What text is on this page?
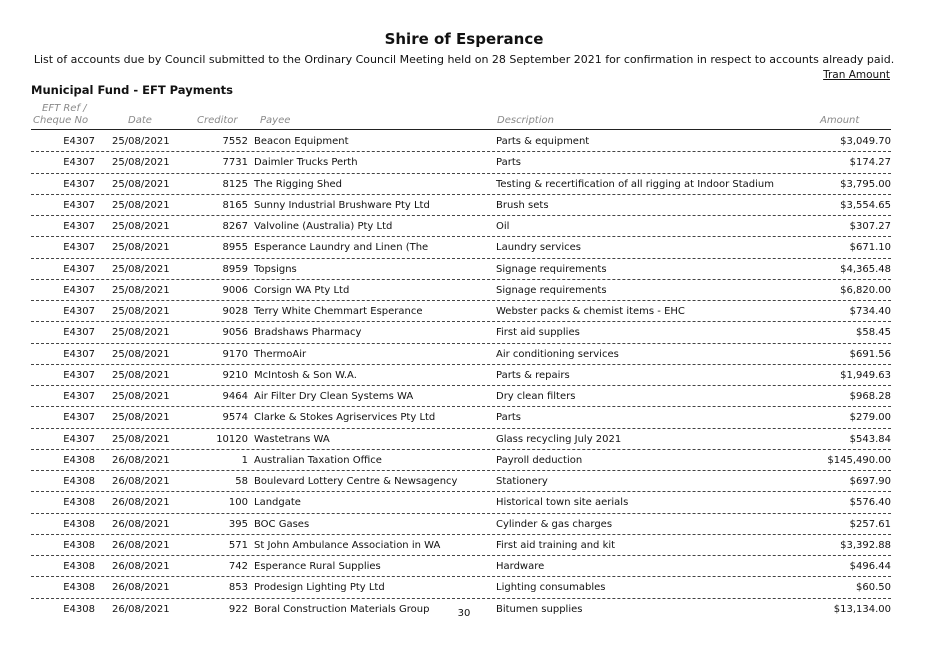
Shire of Esperance
List of accounts due by Council submitted to the Ordinary Council Meeting held on 28 September 2021 for confirmation in respect to accounts already paid.
Tran Amount
Municipal Fund - EFT Payments
EFT Ref /
Cheque No	Date	Creditor Payee	Description	Amount
E4307 25/08/2021	7552 Beacon Equipment	Parts & equipment	$3,049.70
E4307 25/08/2021	7731 Daimler Trucks Perth	Parts	$174.27
E4307 25/08/2021	8125 The Rigging Shed	Testing & recertification of all rigging at Indoor Stadium	$3,795.00
E4307 25/08/2021	8165 Sunny Industrial Brushware Pty Ltd	Brush sets	$3,554.65
E4307 25/08/2021	8267 Valvoline (Australia) Pty Ltd	Oil	$307.27
E4307 25/08/2021	8955 Esperance Laundry and Linen (The	Laundry services	$671.10
E4307 25/08/2021	8959 Topsigns	Signage requirements	$4,365.48
E4307 25/08/2021	9006 Corsign WA Pty Ltd	Signage requirements	$6,820.00
E4307 25/08/2021	9028 Terry White Chemmart Esperance	Webster packs & chemist items - EHC	$734.40
E4307 25/08/2021	9056 Bradshaws Pharmacy	First aid supplies	$58.45
E4307 25/08/2021	9170 ThermoAir	Air conditioning services	$691.56
E4307 25/08/2021	9210 McIntosh & Son W.A.	Parts & repairs	$1,949.63
E4307 25/08/2021	9464 Air Filter Dry Clean Systems WA	Dry clean filters	$968.28
E4307 25/08/2021	9574 Clarke & Stokes Agriservices Pty Ltd	Parts	$279.00
E4307 25/08/2021	10120 Wastetrans WA	Glass recycling July 2021	$543.84
E4308 26/08/2021	1 Australian Taxation Office	Payroll deduction	$145,490.00
E4308 26/08/2021	58 Boulevard Lottery Centre & Newsagency	Stationery	$697.90
E4308 26/08/2021	100 Landgate	Historical town site aerials	$576.40
E4308 26/08/2021	395 BOC Gases	Cylinder & gas charges	$257.61
E4308 26/08/2021	571 St John Ambulance Association in WA	First aid training and kit	$3,392.88
E4308 26/08/2021	742 Esperance Rural Supplies	Hardware	$496.44
E4308 26/08/2021	853 Prodesign Lighting Pty Ltd	Lighting consumables	$60.50
E4308 26/08/2021	922 Boral Construction Materials Group	Bitumen supplies	$13,134.00
30
